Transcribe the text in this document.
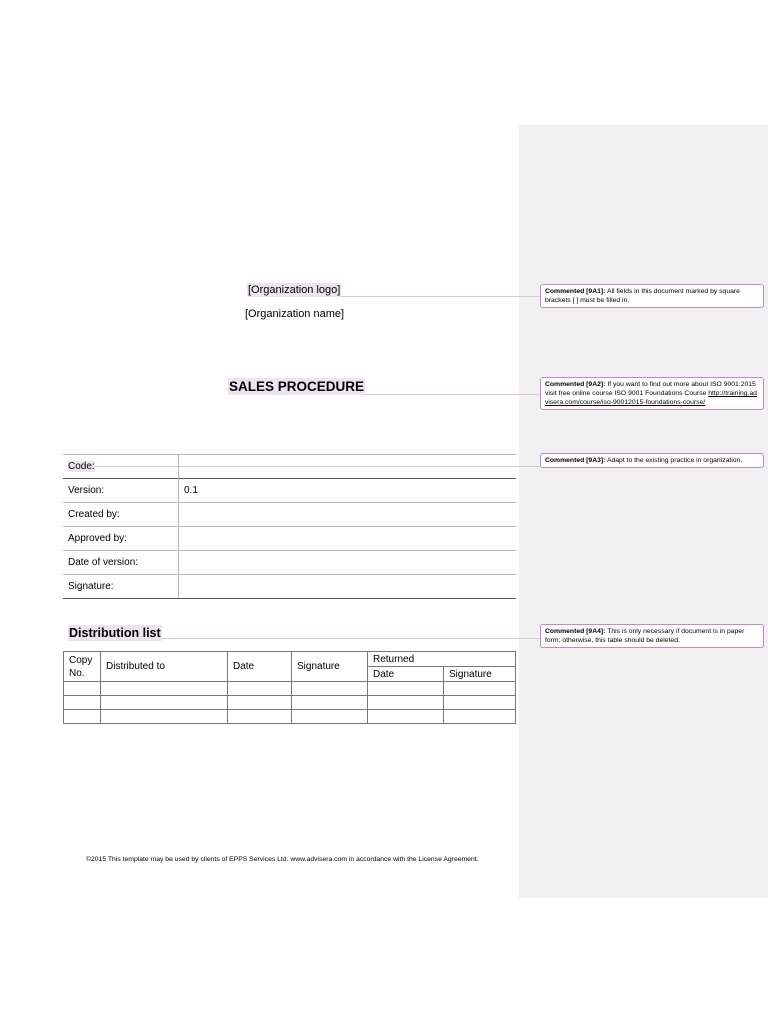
[Organization logo]
[Organization name]
SALES PROCEDURE
Code:	
Version:	0.1
Created by:	
Approved by:	
Date of version:	
Signature:	
Distribution list
Copy No.	Distributed to	Date	Signature	Returned	
				Date	Signature

©2015 This template may be used by clients of EPPS Services Ltd. www.advisera.com in accordance with the License Agreement.
Commented [9A1]: All fields in this document marked by square brackets [ ] must be filled in.
Commented [9A2]: If you want to find out more about ISO 9001:2015 visit free online course ISO 9001 Foundations Course http://training.advisera.com/course/iso-90012015-foundations-course/
Commented [9A3]: Adapt to the existing practice in organization.
Commented [9A4]: This is only necessary if document is in paper form; otherwise, this table should be deleted.
